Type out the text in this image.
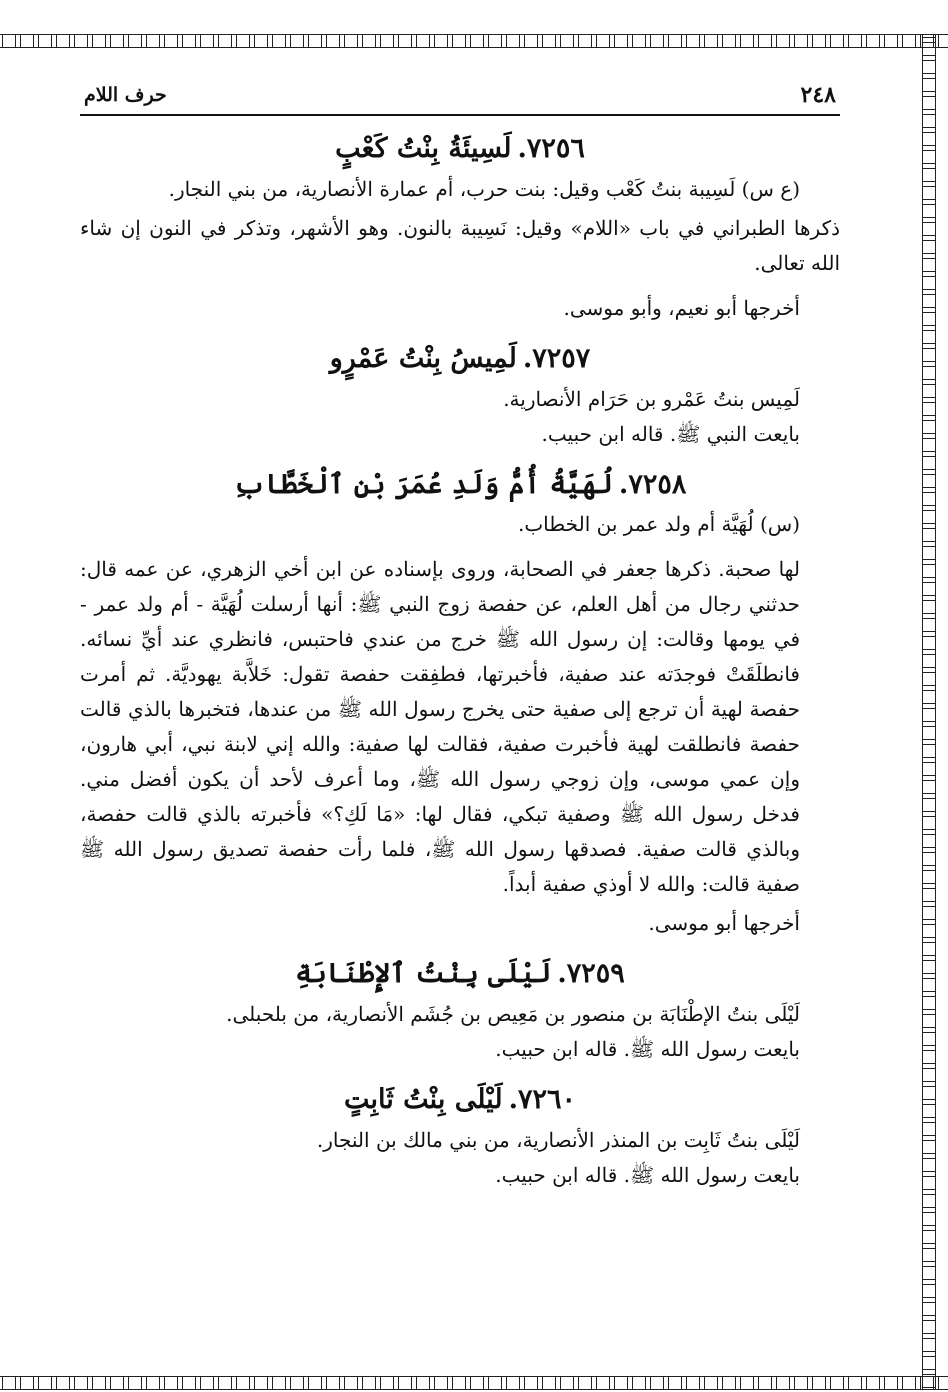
٢٤٨
حرف اللام
٧٢٥٦.لَسِيئَةُ بِنْتُ كَعْبٍ

(ع س) لَسِيبة بنتُ كَعْب وقيل: بنت حرب، أم عمارة الأنصارية، من بني النجار.

ذكرها الطبراني في باب «اللام» وقيل: نَسِيبة بالنون. وهو الأشهر، وتذكر في النون إن شاء الله تعالى.

أخرجها أبو نعيم، وأبو موسى.

٧٢٥٧.لَمِيسُ بِنْتُ عَمْرٍو

لَمِيس بنتُ عَمْرو بن حَرَام الأنصارية.

بايعت النبي ﷺ. قاله ابن حبيب.

٧٢٥٨.لُهَيَّةُ أُمُّ وَلَدِ عُمَرَ بْنِ ٱلْخَطَّابِ

(س) لُهَيَّة أم ولد عمر بن الخطاب.

لها صحبة. ذكرها جعفر في الصحابة، وروى بإسناده عن ابن أخي الزهري، عن عمه قال: حدثني رجال من أهل العلم، عن حفصة زوج النبي ﷺ: أنها أرسلت لُهَيَّة - أم ولد عمر - في يومها وقالت: إن رسول الله ﷺ خرج من عندي فاحتبس، فانظري عند أيِّ نسائه. فانطلَقَتْ فوجدَته عند صفية، فأخبرتها، فطفِقت حفصة تقول: خَلاَّبة يهوديَّة. ثم أمرت حفصة لهية أن ترجع إلى صفية حتى يخرج رسول الله ﷺ من عندها، فتخبرها بالذي قالت حفصة فانطلقت لهية فأخبرت صفية، فقالت لها صفية: والله إني لابنة نبي، أبي هارون، وإن عمي موسى، وإن زوجي رسول الله ﷺ، وما أعرف لأحد أن يكون أفضل مني. فدخل رسول الله ﷺ وصفية تبكي، فقال لها: «مَا لَكِ؟» فأخبرته بالذي قالت حفصة، وبالذي قالت صفية. فصدقها رسول الله ﷺ، فلما رأت حفصة تصديق رسول الله ﷺ صفية قالت: والله لا أوذي صفية أبداً.

أخرجها أبو موسى.

٧٢٥٩.لَيْلَى بِنْتُ ٱلإِطْنَابَةِ

لَيْلَى بنتُ الإطْنَابَة بن منصور بن مَعِيص بن جُشَم الأنصارية، من بلحبلى.

بايعت رسول الله ﷺ. قاله ابن حبيب.

٧٢٦٠.لَيْلَى بِنْتُ ثَابِتٍ

لَيْلَى بنتُ ثَابِت بن المنذر الأنصارية، من بني مالك بن النجار.

بايعت رسول الله ﷺ. قاله ابن حبيب.
